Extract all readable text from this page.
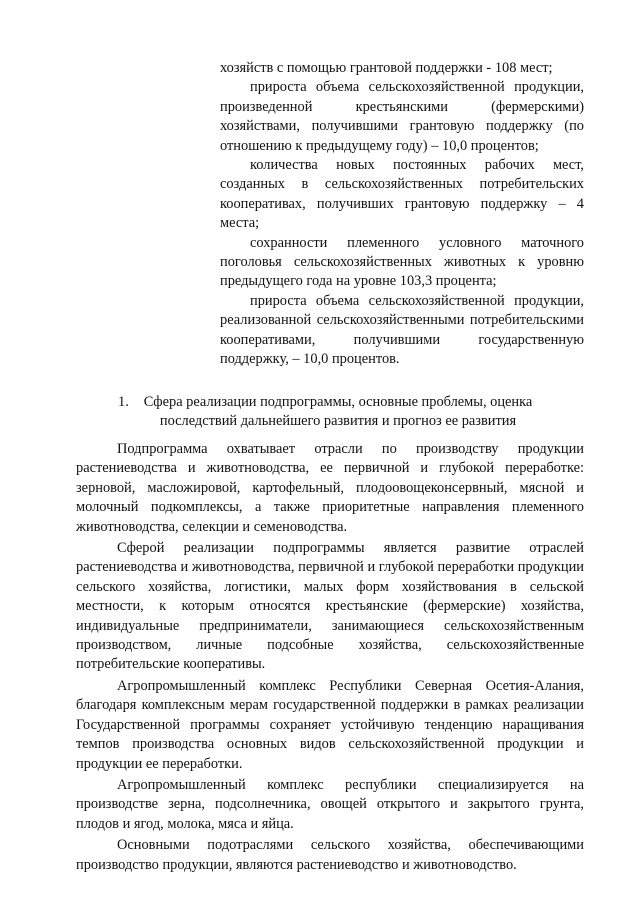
хозяйств с помощью грантовой поддержки - 108 мест;

прироста объема сельскохозяйственной продукции, произведенной крестьянскими (фермерскими) хозяйствами, получившими грантовую поддержку (по отношению к предыдущему году) – 10,0 процентов;

количества новых постоянных рабочих мест, созданных в сельскохозяйственных потребительских кооперативах, получивших грантовую поддержку – 4 места;

сохранности племенного условного маточного поголовья сельскохозяйственных животных к уровню предыдущего года на уровне 103,3 процента;

прироста объема сельскохозяйственной продукции, реализованной сельскохозяйственными потребительскими кооперативами, получившими государственную поддержку, – 10,0 процентов.

1.	Сфера реализации подпрограммы, основные проблемы, оценка
последствий дальнейшего развития и прогноз ее развития

Подпрограмма охватывает отрасли по производству продукции растениеводства и животноводства, ее первичной и глубокой переработке: зерновой, масложировой, картофельный, плодоовощеконсервный, мясной и молочный подкомплексы, а также приоритетные направления племенного животноводства, селекции и семеноводства.

Сферой реализации подпрограммы является развитие отраслей растениеводства и животноводства, первичной и глубокой переработки продукции сельского хозяйства, логистики, малых форм хозяйствования в сельской местности, к которым относятся крестьянские (фермерские) хозяйства, индивидуальные предприниматели, занимающиеся сельскохозяйственным производством, личные подсобные хозяйства, сельскохозяйственные потребительские кооперативы.

Агропромышленный комплекс Республики Северная Осетия-Алания, благодаря комплексным мерам государственной поддержки в рамках реализации Государственной программы сохраняет устойчивую тенденцию наращивания темпов производства основных видов сельскохозяйственной продукции и продукции ее переработки.

Агропромышленный комплекс республики специализируется на производстве зерна, подсолнечника, овощей открытого и закрытого грунта, плодов и ягод, молока, мяса и яйца.

Основными подотраслями сельского хозяйства, обеспечивающими производство продукции, являются растениеводство и животноводство.
